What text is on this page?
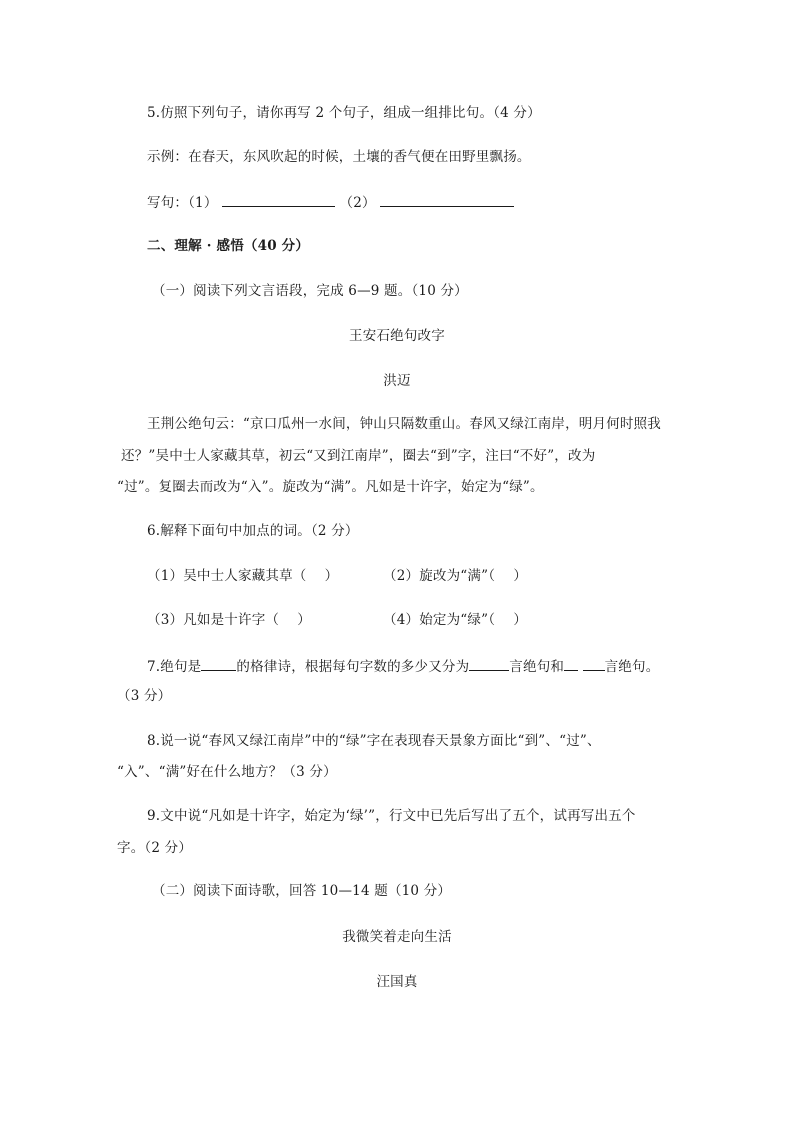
5.仿照下列句子，请你再写 2 个句子，组成一组排比句。（4 分）
示例：在春天，东风吹起的时候，土壤的香气便在田野里飘扬。
写句：（1）	（2）
二、理解 · 感悟（40 分）
（一）阅读下列文言语段，完成 6—9 题。（10 分）
王安石绝句改字
洪迈
王荆公绝句云：“京口瓜州一水间，钟山只隔数重山。春风又绿江南岸，明月何时照我
还？”吴中士人家藏其草，初云“又到江南岸”，圈去“到”字，注曰“不好”，改为
“过”。复圈去而改为“入”。旋改为“满”。凡如是十许字，始定为“绿”。
6.解释下面句中加点的词。（2 分）
（1）吴中士人家藏其草（　 ）	（2）旋改为“满”（　 ）
（3）凡如是十许字（　 ）	（4）始定为“绿”（　 ）
7.绝句是	的格律诗，根据每句字数的多少又分为	言绝句和	言绝句。
（3 分）
8.说一说“春风又绿江南岸”中的“绿”字在表现春天景象方面比“到”、“过”、
“入”、“满”好在什么地方？（3 分）
9.文中说“凡如是十许字，始定为‘绿’”，行文中已先后写出了五个，试再写出五个
字。（2 分）
（二）阅读下面诗歌，回答 10—14 题（10 分）
我微笑着走向生活
汪国真
